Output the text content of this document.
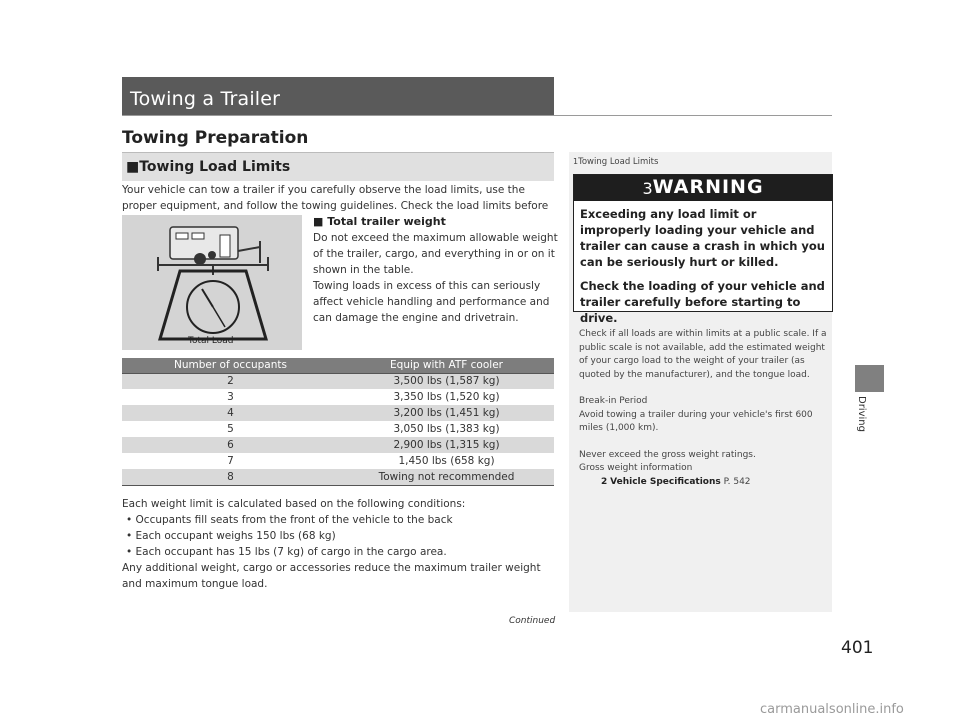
Towing a Trailer
Towing Preparation
■Towing Load Limits
Your vehicle can tow a trailer if you carefully observe the load limits, use the proper equipment, and follow the towing guidelines. Check the load limits before
Total Load
■ Total trailer weight
Do not exceed the maximum allowable weight of the trailer, cargo, and everything in or on it shown in the table.
Towing loads in excess of this can seriously affect vehicle handling and performance and can damage the engine and drivetrain.
Number of occupants	Equip with ATF cooler
2	3,500 lbs (1,587 kg)
3	3,350 lbs (1,520 kg)
4	3,200 lbs (1,451 kg)
5	3,050 lbs (1,383 kg)
6	2,900 lbs (1,315 kg)
7	1,450 lbs (658 kg)
8	Towing not recommended
Each weight limit is calculated based on the following conditions:
• Occupants fill seats from the front of the vehicle to the back
• Each occupant weighs 150 lbs (68 kg)
• Each occupant has 15 lbs (7 kg) of cargo in the cargo area.
Any additional weight, cargo or accessories reduce the maximum trailer weight and maximum tongue load.
Continued
401
Driving
1Towing Load Limits
3WARNING

Exceeding any load limit or improperly loading your vehicle and trailer can cause a crash in which you can be seriously hurt or killed.

Check the loading of your vehicle and trailer carefully before starting to drive.

Check if all loads are within limits at a public scale. If a public scale is not available, add the estimated weight of your cargo load to the weight of your trailer (as quoted by the manufacturer), and the tongue load.

Break-in Period
Avoid towing a trailer during your vehicle's first 600 miles (1,000 km).

Never exceed the gross weight ratings.
Gross weight information
2 Vehicle Specifications P. 542

carmanualsonline.info
